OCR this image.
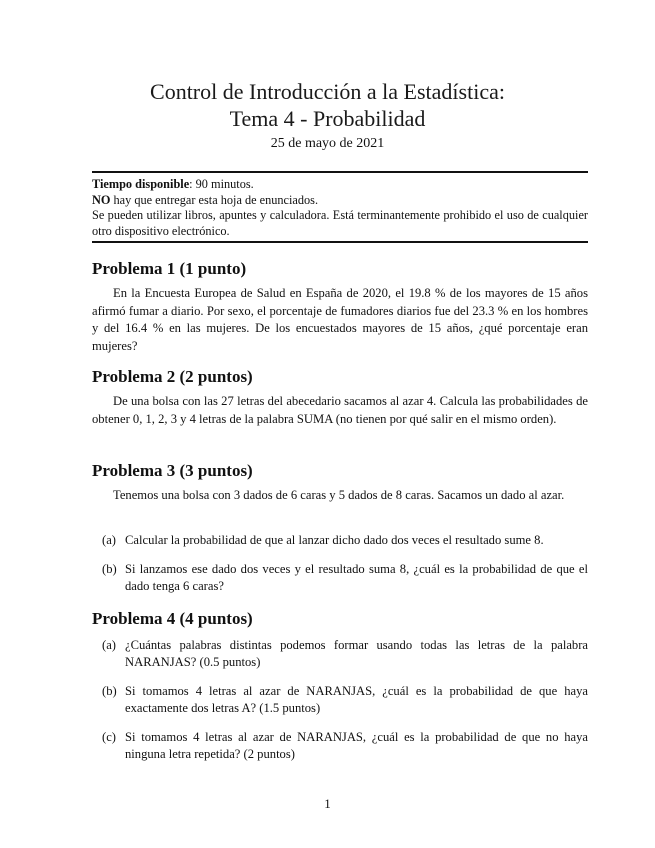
Control de Introducción a la Estadística:
Tema 4 - Probabilidad
25 de mayo de 2021

Tiempo disponible: 90 minutos.

NO hay que entregar esta hoja de enunciados.

Se pueden utilizar libros, apuntes y calculadora. Está terminantemente prohibido el uso de cualquier otro dispositivo electrónico.

Problema 1 (1 punto)

En la Encuesta Europea de Salud en España de 2020, el 19.8 % de los mayores de 15 años afirmó fumar a diario. Por sexo, el porcentaje de fumadores diarios fue del 23.3 % en los hombres y del 16.4 % en las mujeres. De los encuestados mayores de 15 años, ¿qué porcentaje eran mujeres?

Problema 2 (2 puntos)

De una bolsa con las 27 letras del abecedario sacamos al azar 4. Calcula las probabilidades de obtener 0, 1, 2, 3 y 4 letras de la palabra SUMA (no tienen por qué salir en el mismo orden).

Problema 3 (3 puntos)

Tenemos una bolsa con 3 dados de 6 caras y 5 dados de 8 caras. Sacamos un dado al azar.

(a) Calcular la probabilidad de que al lanzar dicho dado dos veces el resultado sume 8.

(b) Si lanzamos ese dado dos veces y el resultado suma 8, ¿cuál es la probabilidad de que el dado tenga 6 caras?

Problema 4 (4 puntos)

(a) ¿Cuántas palabras distintas podemos formar usando todas las letras de la palabra NARANJAS? (0.5 puntos)

(b) Si tomamos 4 letras al azar de NARANJAS, ¿cuál es la probabilidad de que haya exactamente dos letras A? (1.5 puntos)

(c) Si tomamos 4 letras al azar de NARANJAS, ¿cuál es la probabilidad de que no haya ninguna letra repetida? (2 puntos)

1
